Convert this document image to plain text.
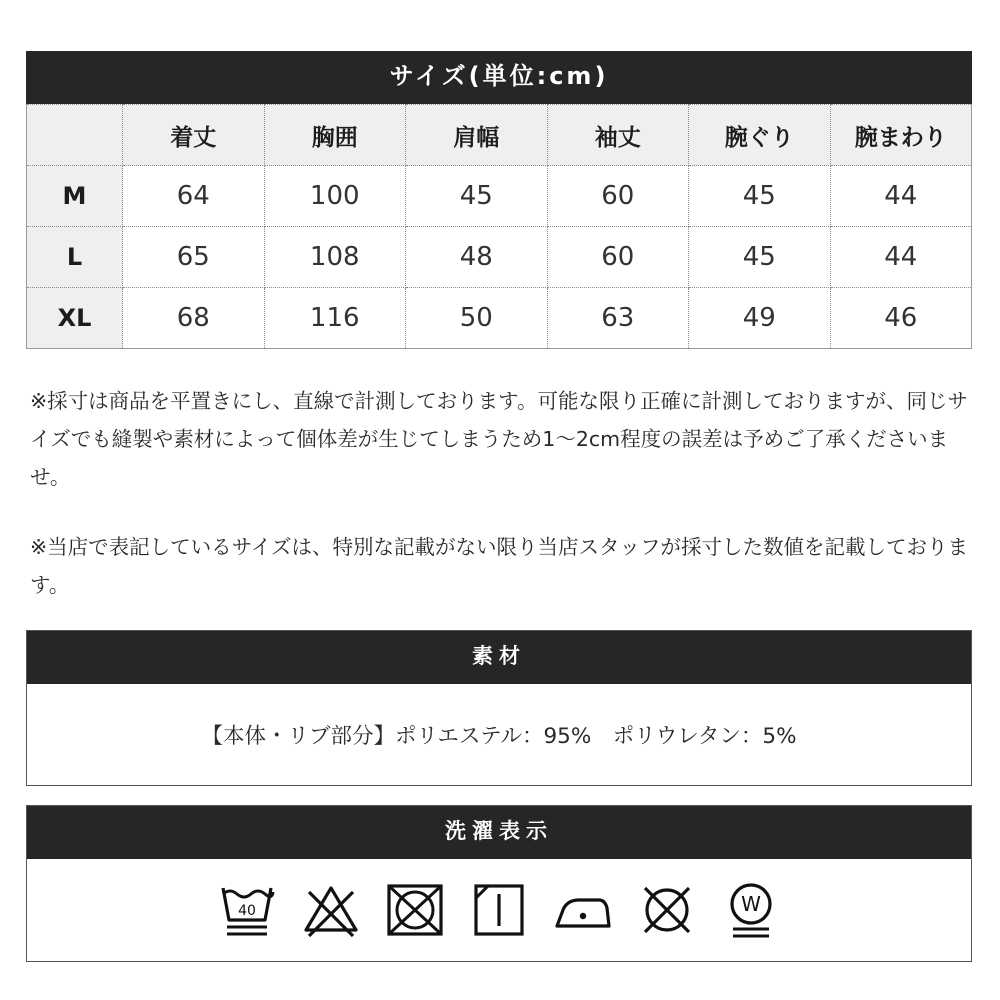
サイズ(単位:cm)
	着丈	胸囲	肩幅	袖丈	腕ぐり	腕まわり
M	64	100	45	60	45	44
L	65	108	48	60	45	44
XL	68	116	50	63	49	46

※採寸は商品を平置きにし、直線で計測しております。可能な限り正確に計測しておりますが、同じサイズでも縫製や素材によって個体差が生じてしまうため1～2cm程度の誤差は予めご了承くださいませ。

※当店で表記しているサイズは、特別な記載がない限り当店スタッフが採寸した数値を記載しております。

素材
【本体・リブ部分】ポリエステル：95%　ポリウレタン：5%
洗濯表示
40	W
